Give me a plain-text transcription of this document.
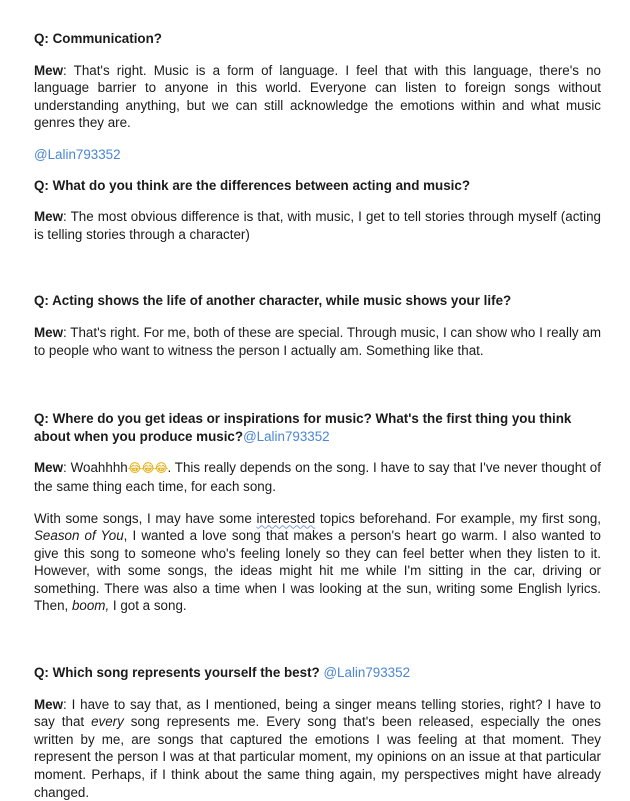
Q: Communication?

Mew: That's right. Music is a form of language. I feel that with this language, there's no language barrier to anyone in this world. Everyone can listen to foreign songs without understanding anything, but we can still acknowledge the emotions within and what music genres they are.

@Lalin793352

Q: What do you think are the differences between acting and music?

Mew: The most obvious difference is that, with music, I get to tell stories through myself (acting is telling stories through a character)

Q: Acting shows the life of another character, while music shows your life?

Mew: That's right. For me, both of these are special. Through music, I can show who I really am to people who want to witness the person I actually am. Something like that.

Q: Where do you get ideas or inspirations for music? What's the first thing you think about when you produce music?@Lalin793352

Mew: Woahhhh😂😂😂. This really depends on the song. I have to say that I've never thought of the same thing each time, for each song.

With some songs, I may have some interested topics beforehand. For example, my first song, Season of You, I wanted a love song that makes a person's heart go warm. I also wanted to give this song to someone who's feeling lonely so they can feel better when they listen to it. However, with some songs, the ideas might hit me while I'm sitting in the car, driving or something. There was also a time when I was looking at the sun, writing some English lyrics. Then, boom, I got a song.

Q: Which song represents yourself the best? @Lalin793352

Mew: I have to say that, as I mentioned, being a singer means telling stories, right? I have to say that every song represents me. Every song that's been released, especially the ones written by me, are songs that captured the emotions I was feeling at that moment. They represent the person I was at that particular moment, my opinions on an issue at that particular moment. Perhaps, if I think about the same thing again, my perspectives might have already changed.
